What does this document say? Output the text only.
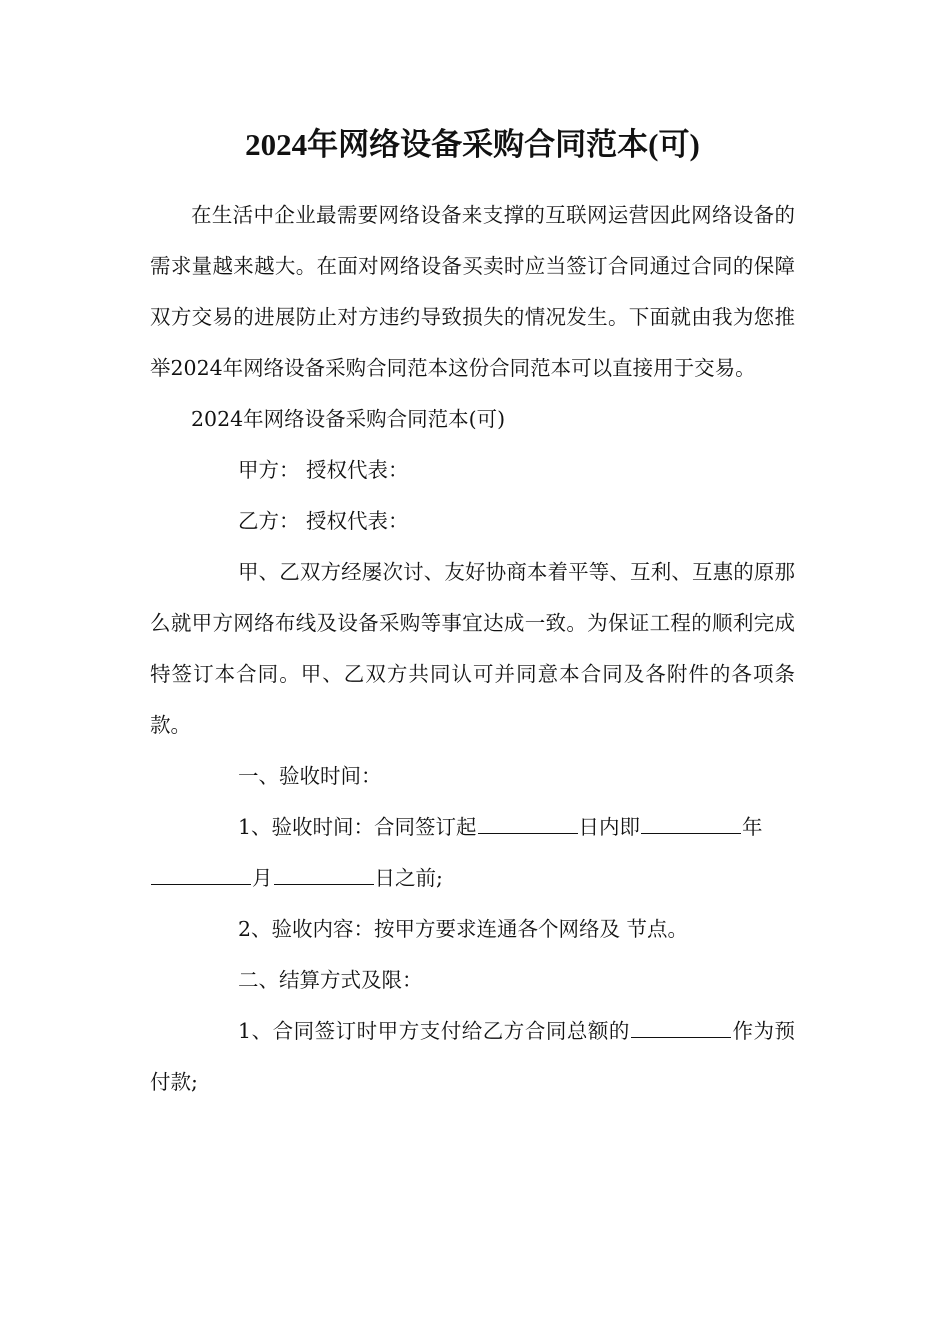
2024年网络设备采购合同范本(可)

在生活中企业最需要网络设备来支撑的互联网运营因此网络设备的需求量越来越大。在面对网络设备买卖时应当签订合同通过合同的保障双方交易的进展防止对方违约导致损失的情况发生。下面就由我为您推举2024年网络设备采购合同范本这份合同范本可以直接用于交易。

2024年网络设备采购合同范本(可)

甲方： 授权代表：

乙方： 授权代表：

甲、乙双方经屡次讨、友好协商本着平等、互利、互惠的原那么就甲方网络布线及设备采购等事宜达成一致。为保证工程的顺利完成特签订本合同。甲、乙双方共同认可并同意本合同及各附件的各项条款。

一、验收时间：

1、验收时间：合同签订起	日内即	年
月	日之前;

2、验收内容：按甲方要求连通各个网络及 节点。

二、结算方式及限：

1、合同签订时甲方支付给乙方合同总额的	作为预付款;
